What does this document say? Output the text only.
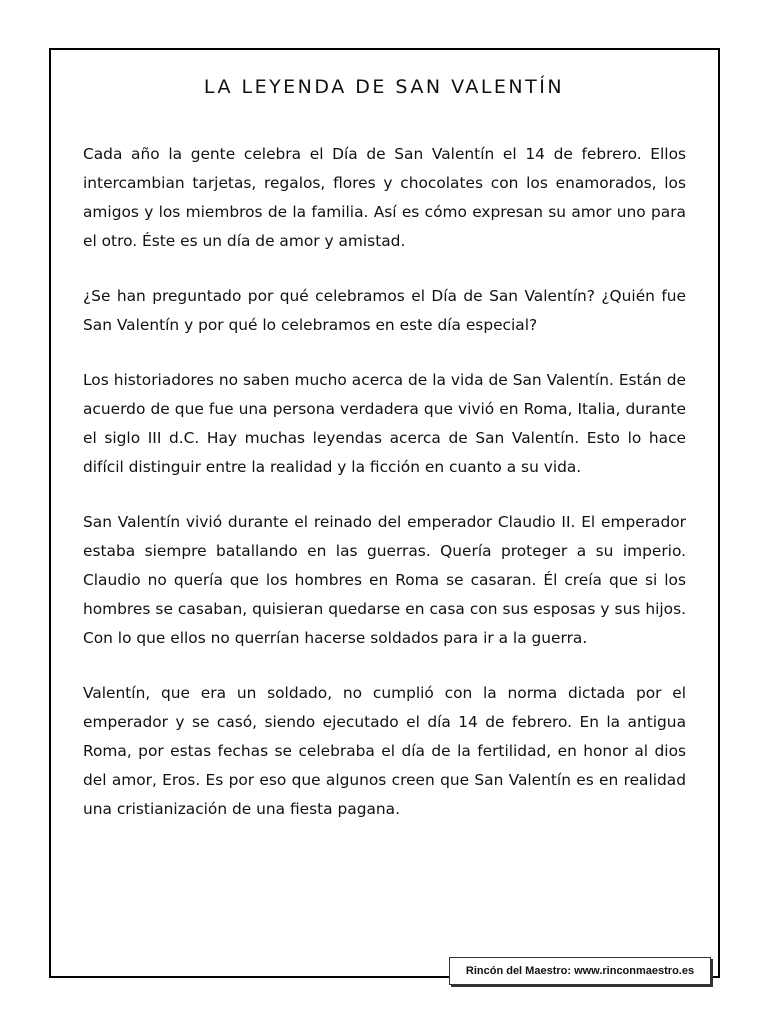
LA LEYENDA DE SAN VALENTÍN

Cada año la gente celebra el Día de San Valentín el 14 de febrero. Ellos intercambian tarjetas, regalos, flores y chocolates con los enamorados, los amigos y los miembros de la familia. Así es cómo expresan su amor uno para el otro. Éste es un día de amor y amistad.

¿Se han preguntado por qué celebramos el Día de San Valentín? ¿Quién fue San Valentín y por qué lo celebramos en este día especial?

Los historiadores no saben mucho acerca de la vida de San Valentín. Están de acuerdo de que fue una persona verdadera que vivió en Roma, Italia, durante el siglo III d.C. Hay muchas leyendas acerca de San Valentín. Esto lo hace difícil distinguir entre la realidad y la ficción en cuanto a su vida.

San Valentín vivió durante el reinado del emperador Claudio II. El emperador estaba siempre batallando en las guerras. Quería proteger a su imperio. Claudio no quería que los hombres en Roma se casaran. Él creía que si los hombres se casaban, quisieran quedarse en casa con sus esposas y sus hijos. Con lo que ellos no querrían hacerse soldados para ir a la guerra.

Valentín, que era un soldado, no cumplió con la norma dictada por el emperador y se casó, siendo ejecutado el día 14 de febrero. En la antigua Roma, por estas fechas se celebraba el día de la fertilidad, en honor al dios del amor, Eros. Es por eso que algunos creen que San Valentín es en realidad una cristianización de una fiesta pagana.

Rincón del Maestro: www.rinconmaestro.es
